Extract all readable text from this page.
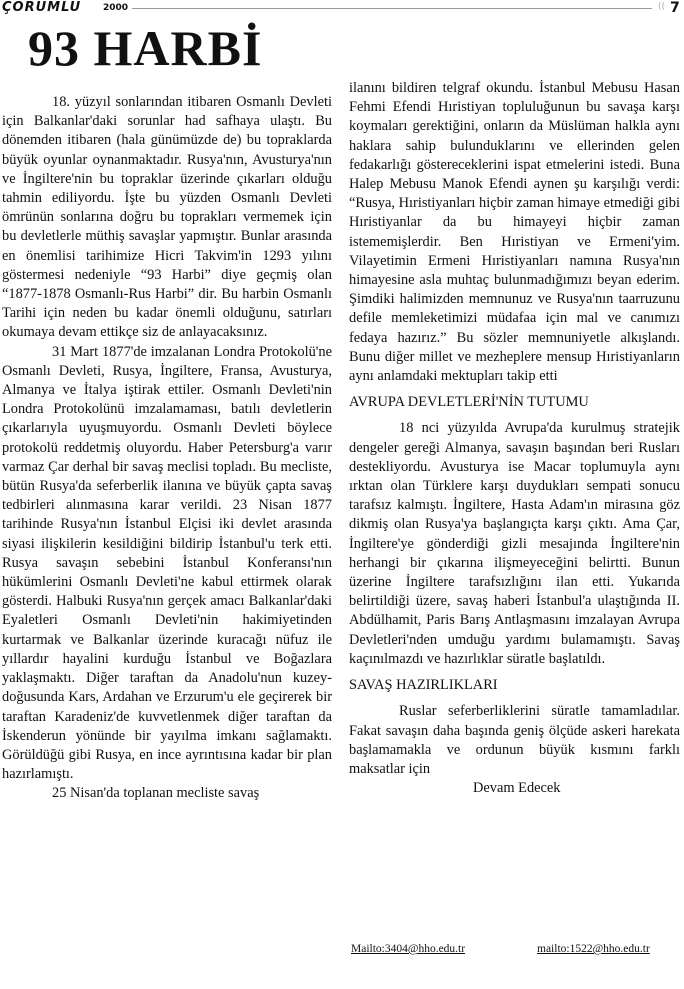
ÇORUMLU 2000	(( 7
93 HARBİ

18. yüzyıl sonlarından itibaren Osmanlı Devleti için Balkanlar'daki sorunlar had safhaya ulaştı. Bu dönemden itibaren (hala günümüzde de) bu topraklarda büyük oyunlar oynanmaktadır. Rusya'nın, Avusturya'nın ve İngiltere'nin bu topraklar üzerinde çıkarları olduğu tahmin ediliyordu. İşte bu yüzden Osmanlı Devleti ömrünün sonlarına doğru bu toprakları vermemek için bu devletlerle müthiş savaşlar yapmıştır. Bunlar arasında en önemlisi tarihimize Hicri Takvim'in 1293 yılını göstermesi nedeniyle “93 Harbi” diye geçmiş olan “1877-1878 Osmanlı-Rus Harbi” dir. Bu harbin Osmanlı Tarihi için neden bu kadar önemli olduğunu, satırları okumaya devam ettikçe siz de anlayacaksınız.

31 Mart 1877'de imzalanan Londra Protokolü'ne Osmanlı Devleti, Rusya, İngiltere, Fransa, Avusturya, Almanya ve İtalya iştirak ettiler. Osmanlı Devleti'nin Londra Protokolünü imzalamaması, batılı devletlerin çıkarlarıyla uyuşmuyordu. Osmanlı Devleti böylece protokolü reddetmiş oluyordu. Haber Petersburg'a varır varmaz Çar derhal bir savaş meclisi topladı. Bu mecliste, bütün Rusya'da seferberlik ilanına ve büyük çapta savaş tedbirleri alınmasına karar verildi. 23 Nisan 1877 tarihinde Rusya'nın İstanbul Elçisi iki devlet arasında siyasi ilişkilerin kesildiğini bildirip İstanbul'u terk etti. Rusya savaşın sebebini İstanbul Konferansı'nın hükümlerini Osmanlı Devleti'ne kabul ettirmek olarak gösterdi. Halbuki Rusya'nın gerçek amacı Balkanlar'daki Eyaletleri Osmanlı Devleti'nin hakimiyetinden kurtarmak ve Balkanlar üzerinde kuracağı nüfuz ile yıllardır hayalini kurduğu İstanbul ve Boğazlara yaklaşmaktı. Diğer taraftan da Anadolu'nun kuzey-doğusunda Kars, Ardahan ve Erzurum'u ele geçirerek bir taraftan Karadeniz'de kuvvetlenmek diğer taraftan da İskenderun yönünde bir yayılma imkanı sağlamaktı. Görüldüğü gibi Rusya, en ince ayrıntısına kadar bir plan hazırlamıştı.

25 Nisan'da toplanan mecliste savaş

ilanını bildiren telgraf okundu. İstanbul Mebusu Hasan Fehmi Efendi Hıristiyan topluluğunun bu savaşa karşı koymaları gerektiğini, onların da Müslüman halkla aynı haklara sahip bulunduklarını ve ellerinden gelen fedakarlığı göstereceklerini ispat etmelerini istedi. Buna Halep Mebusu Manok Efendi aynen şu karşılığı verdi: “Rusya, Hıristiyanları hiçbir zaman himaye etmediği gibi Hıristiyanlar da bu himayeyi hiçbir zaman istememişlerdir. Ben Hıristiyan ve Ermeni'yim. Vilayetimin Ermeni Hıristiyanları namına Rusya'nın himayesine asla muhtaç bulunmadığımızı beyan ederim. Şimdiki halimizden memnunuz ve Rusya'nın taarruzunu defile memleketimizi müdafaa için mal ve canımızı fedaya hazırız.” Bu sözler memnuniyetle alkışlandı. Bunu diğer millet ve mezheplere mensup Hıristiyanların aynı anlamdaki mektupları takip etti

AVRUPA DEVLETLERİ'NİN TUTUMU

18 nci yüzyılda Avrupa'da kurulmuş stratejik dengeler gereği Almanya, savaşın başından beri Rusları destekliyordu. Avusturya ise Macar toplumuyla aynı ırktan olan Türklere karşı duydukları sempati sonucu tarafsız kalmıştı. İngiltere, Hasta Adam'ın mirasına göz dikmiş olan Rusya'ya başlangıçta karşı çıktı. Ama Çar, İngiltere'ye gönderdiği gizli mesajında İngiltere'nin herhangi bir çıkarına ilişmeyeceğini belirtti. Bunun üzerine İngiltere tarafsızlığını ilan etti. Yukarıda belirtildiği üzere, savaş haberi İstanbul'a ulaştığında II. Abdülhamit, Paris Barış Antlaşmasını imzalayan Avrupa Devletleri'nden umduğu yardımı bulamamıştı. Savaş kaçınılmazdı ve hazırlıklar süratle başlatıldı.

SAVAŞ HAZIRLIKLARI

Ruslar seferberliklerini süratle tamamladılar. Fakat savaşın daha başında geniş ölçüde askeri harekata başlamamakla ve ordunun büyük kısmını farklı maksatlar için

Devam Edecek

Mailto:3404@hho.edu.tr	mailto:1522@hho.edu.tr
